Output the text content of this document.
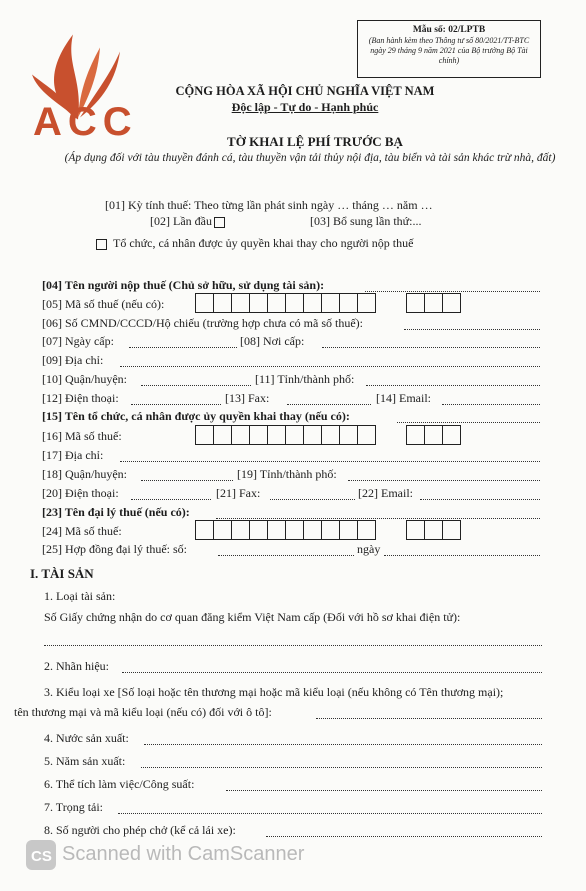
ACC
Mẫu số: 02/LPTB
(Ban hành kèm theo Thông tư số 80/2021/TT-BTC ngày 29 tháng 9 năm 2021 của Bộ trưởng Bộ Tài chính)
CỘNG HÒA XÃ HỘI CHỦ NGHĨA VIỆT NAM
Độc lập - Tự do - Hạnh phúc
TỜ KHAI LỆ PHÍ TRƯỚC BẠ
(Áp dụng đối với tàu thuyền đánh cá, tàu thuyền vận tải thủy nội địa, tàu biển và tài sản khác trừ nhà, đất)
[01] Kỳ tính thuế: Theo từng lần phát sinh ngày … tháng … năm …
[02] Lần đầu	[03] Bổ sung lần thứ:...
Tổ chức, cá nhân được ủy quyền khai thay cho người nộp thuế
[04] Tên người nộp thuế (Chủ sở hữu, sử dụng tài sản):
[05] Mã số thuế (nếu có):
[06] Số CMND/CCCD/Hộ chiếu (trường hợp chưa có mã số thuế):
[07] Ngày cấp:	[08] Nơi cấp:
[09] Địa chỉ:
[10] Quận/huyện:	[11] Tỉnh/thành phố:
[12] Điện thoại:	[13] Fax:	[14] Email:
[15] Tên tổ chức, cá nhân được ủy quyền khai thay (nếu có):
[16] Mã số thuế:
[17] Địa chỉ:
[18] Quận/huyện:	[19] Tỉnh/thành phố:
[20] Điện thoại:	[21] Fax:	[22] Email:
[23] Tên đại lý thuế (nếu có):
[24] Mã số thuế:
[25] Hợp đồng đại lý thuế: số:	ngày
I. TÀI SẢN
1. Loại tài sản:
Số Giấy chứng nhận do cơ quan đăng kiểm Việt Nam cấp (Đối với hồ sơ khai điện tử):
2. Nhãn hiệu:
3. Kiểu loại xe [Số loại hoặc tên thương mại hoặc mã kiểu loại (nếu không có Tên thương mại);
tên thương mại và mã kiểu loại (nếu có) đối với ô tô]:
4. Nước sản xuất:
5. Năm sản xuất:
6. Thể tích làm việc/Công suất:
7. Trọng tải:
8. Số người cho phép chở (kể cả lái xe):
CS Scanned with CamScanner
